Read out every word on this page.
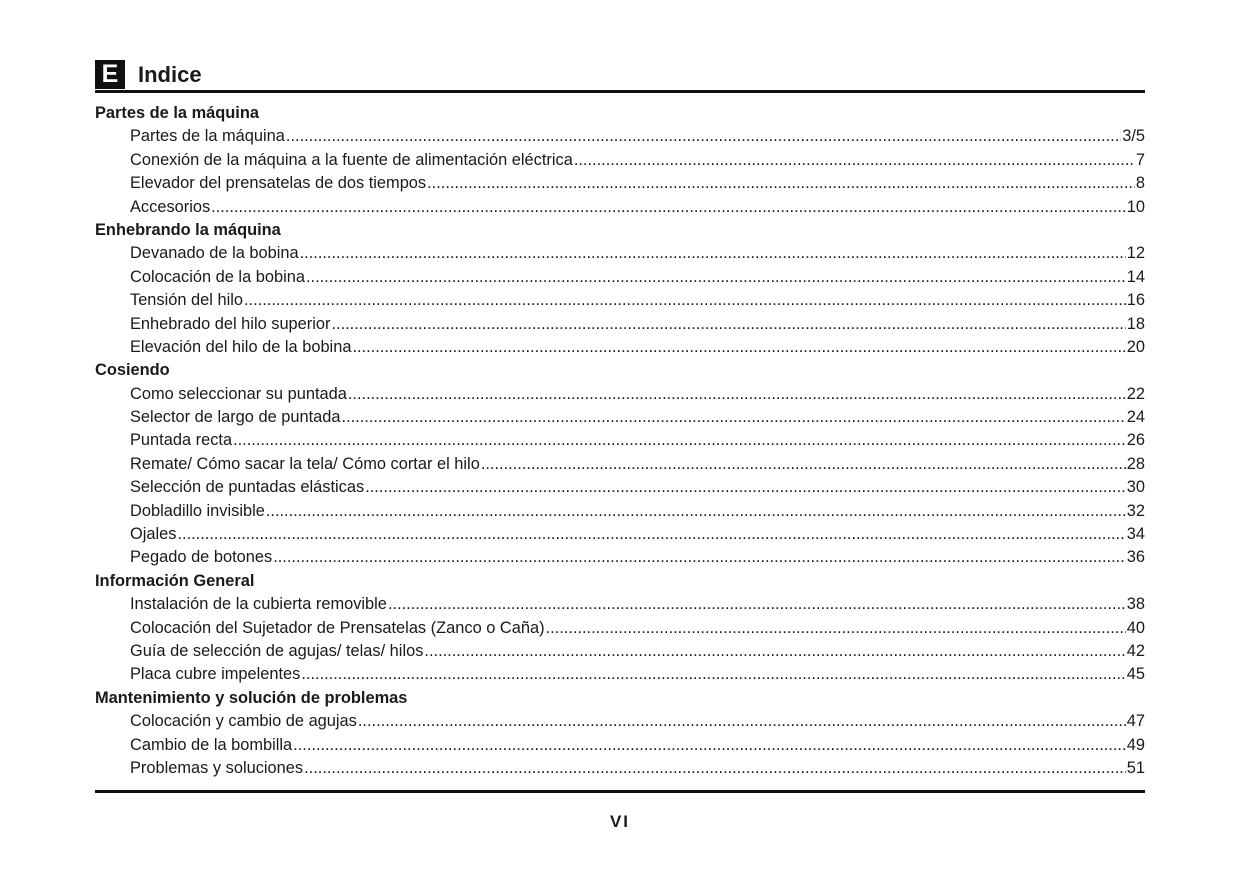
E Indice
Partes de la máquina
Partes de la máquina .....	3/5
Conexión de la máquina a la fuente de alimentación eléctrica .....	7
Elevador del prensatelas de dos tiempos .....	8
Accesorios .....	10
Enhebrando la máquina
Devanado de la bobina .....	12
Colocación de la bobina .....	14
Tensión del hilo .....	16
Enhebrado del hilo superior .....	18
Elevación del hilo de la bobina .....	20
Cosiendo
Como seleccionar su puntada .....	22
Selector de largo de puntada .....	24
Puntada recta .....	26
Remate/ Cómo sacar la tela/ Cómo cortar el hilo .....	28
Selección de puntadas elásticas .....	30
Dobladillo invisible .....	32
Ojales .....	34
Pegado de botones .....	36
Información General
Instalación de la cubierta removible .....	38
Colocación del Sujetador de Prensatelas (Zanco o Caña) .....	40
Guía de selección de agujas/ telas/ hilos .....	42
Placa cubre impelentes .....	45
Mantenimiento y solución de problemas
Colocación y cambio de agujas .....	47
Cambio de la bombilla .....	49
Problemas y soluciones .....	51
VI
